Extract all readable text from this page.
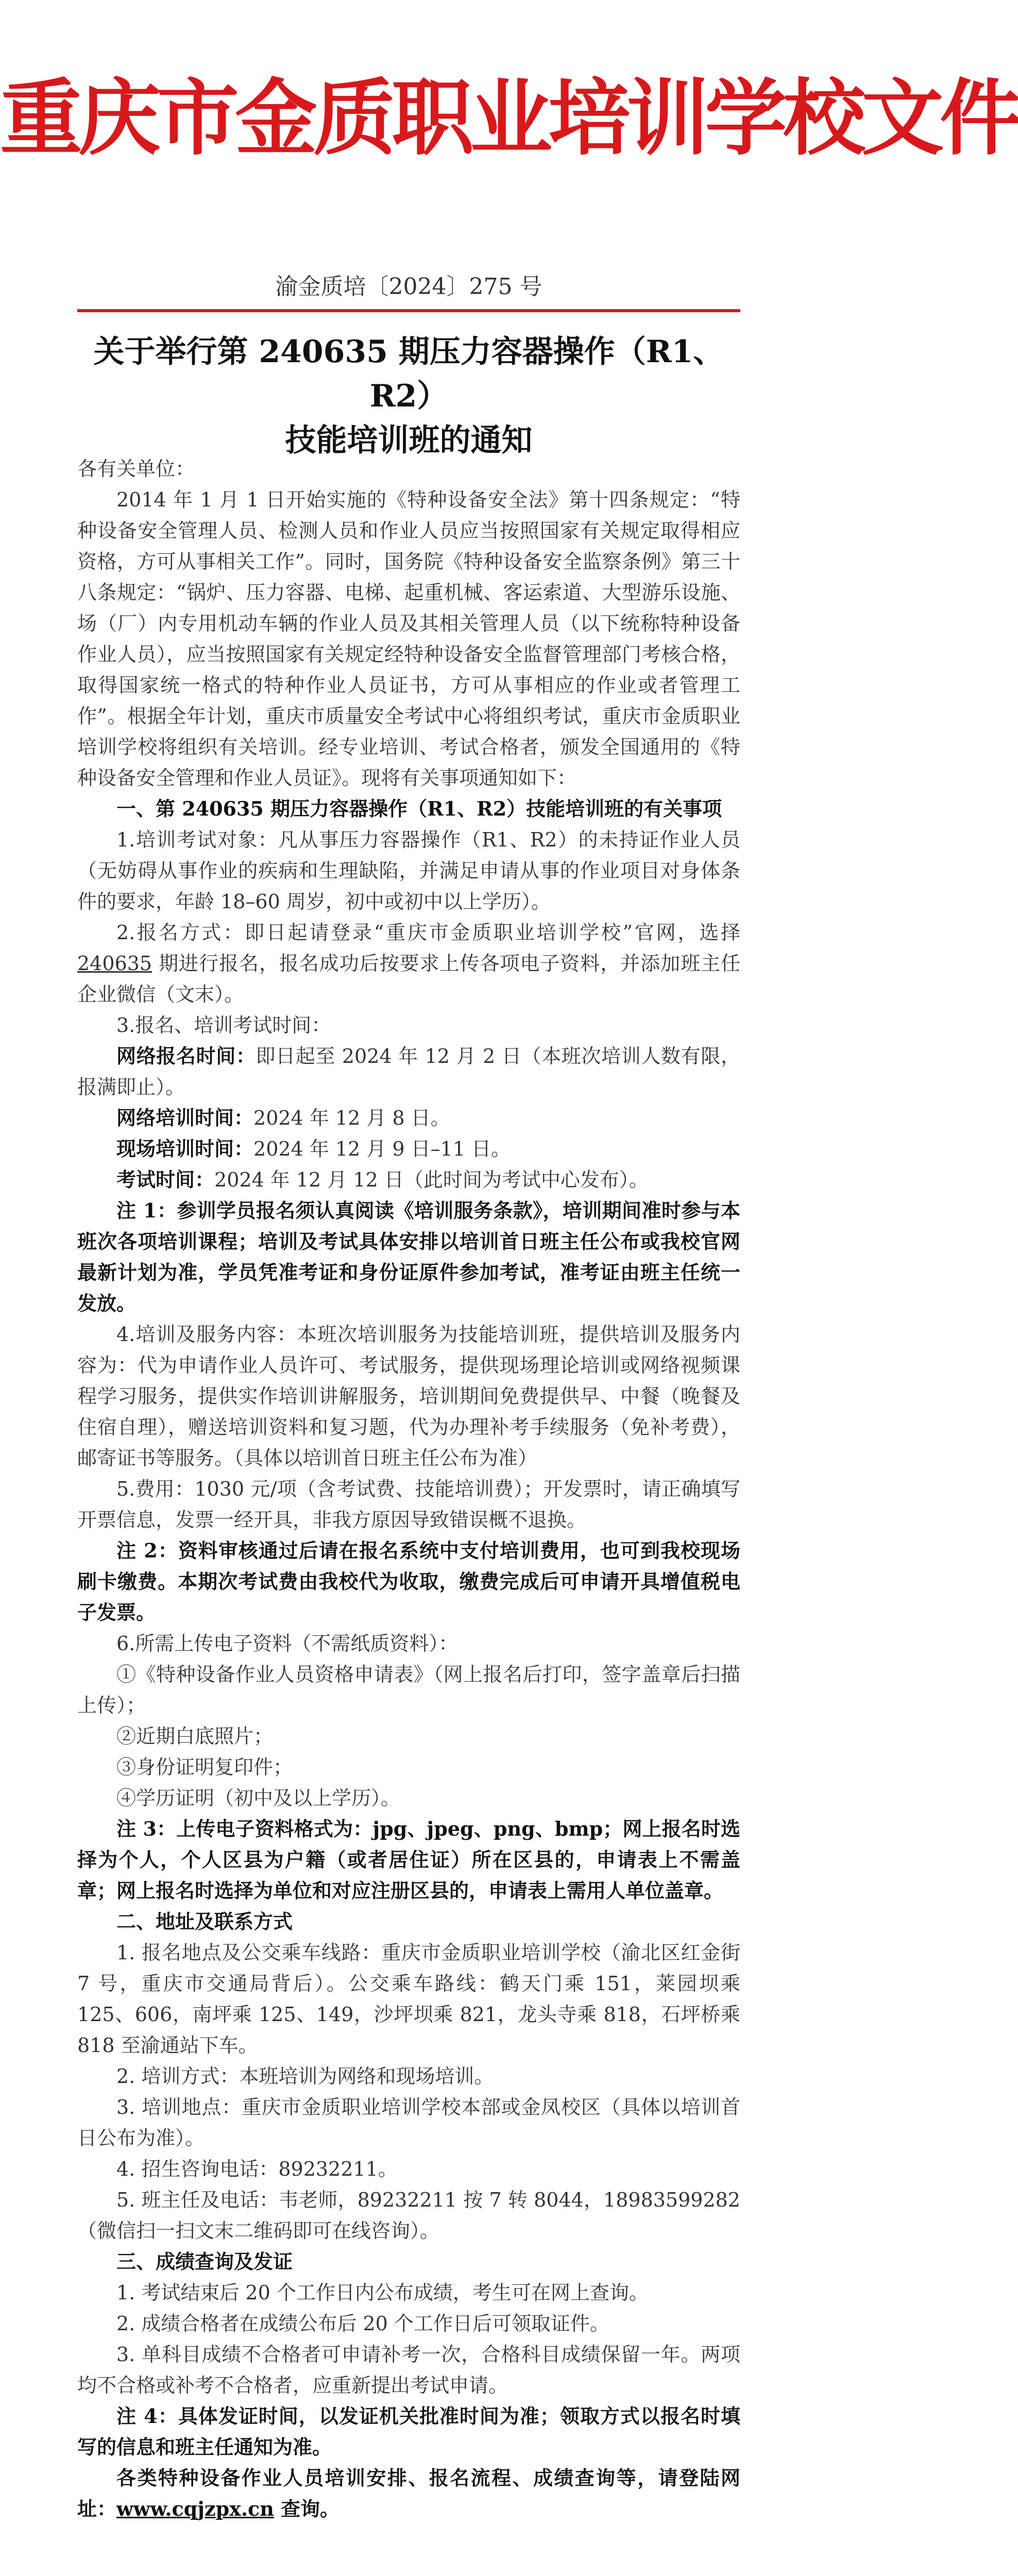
重庆市金质职业培训学校文件
渝金质培〔2024〕275 号
关于举行第 240635 期压力容器操作（R1、R2）
技能培训班的通知

各有关单位：

2014 年 1 月 1 日开始实施的《特种设备安全法》第十四条规定：“特种设备安全管理人员、检测人员和作业人员应当按照国家有关规定取得相应资格，方可从事相关工作”。同时，国务院《特种设备安全监察条例》第三十八条规定：“锅炉、压力容器、电梯、起重机械、客运索道、大型游乐设施、场（厂）内专用机动车辆的作业人员及其相关管理人员（以下统称特种设备作业人员），应当按照国家有关规定经特种设备安全监督管理部门考核合格，取得国家统一格式的特种作业人员证书，方可从事相应的作业或者管理工作”。根据全年计划，重庆市质量安全考试中心将组织考试，重庆市金质职业培训学校将组织有关培训。经专业培训、考试合格者，颁发全国通用的《特种设备安全管理和作业人员证》。现将有关事项通知如下：

一、第 240635 期压力容器操作（R1、R2）技能培训班的有关事项

1.培训考试对象：凡从事压力容器操作（R1、R2）的未持证作业人员（无妨碍从事作业的疾病和生理缺陷，并满足申请从事的作业项目对身体条件的要求，年龄 18–60 周岁，初中或初中以上学历）。

2.报名方式：即日起请登录“重庆市金质职业培训学校”官网，选择 240635 期进行报名，报名成功后按要求上传各项电子资料，并添加班主任企业微信（文末）。

3.报名、培训考试时间：

网络报名时间：即日起至 2024 年 12 月 2 日（本班次培训人数有限，报满即止）。

网络培训时间：2024 年 12 月 8 日。

现场培训时间：2024 年 12 月 9 日–11 日。

考试时间：2024 年 12 月 12 日（此时间为考试中心发布）。

注 1：参训学员报名须认真阅读《培训服务条款》，培训期间准时参与本班次各项培训课程；培训及考试具体安排以培训首日班主任公布或我校官网最新计划为准，学员凭准考证和身份证原件参加考试，准考证由班主任统一发放。

4.培训及服务内容：本班次培训服务为技能培训班，提供培训及服务内容为：代为申请作业人员许可、考试服务，提供现场理论培训或网络视频课程学习服务，提供实作培训讲解服务，培训期间免费提供早、中餐（晚餐及住宿自理），赠送培训资料和复习题，代为办理补考手续服务（免补考费），邮寄证书等服务。（具体以培训首日班主任公布为准）

5.费用：1030 元/项（含考试费、技能培训费）；开发票时，请正确填写开票信息，发票一经开具，非我方原因导致错误概不退换。

注 2：资料审核通过后请在报名系统中支付培训费用，也可到我校现场刷卡缴费。本期次考试费由我校代为收取，缴费完成后可申请开具增值税电子发票。

6.所需上传电子资料（不需纸质资料）：

①《特种设备作业人员资格申请表》（网上报名后打印，签字盖章后扫描上传）；

②近期白底照片；

③身份证明复印件；

④学历证明（初中及以上学历）。

注 3：上传电子资料格式为：jpg、jpeg、png、bmp；网上报名时选择为个人，个人区县为户籍（或者居住证）所在区县的，申请表上不需盖章；网上报名时选择为单位和对应注册区县的，申请表上需用人单位盖章。

二、地址及联系方式

1. 报名地点及公交乘车线路：重庆市金质职业培训学校（渝北区红金街 7 号，重庆市交通局背后）。公交乘车路线：鹤天门乘 151，莱园坝乘 125、606，南坪乘 125、149，沙坪坝乘 821，龙头寺乘 818，石坪桥乘 818 至渝通站下车。

2. 培训方式：本班培训为网络和现场培训。

3. 培训地点：重庆市金质职业培训学校本部或金凤校区（具体以培训首日公布为准）。

4. 招生咨询电话：89232211。

5. 班主任及电话：韦老师，89232211 按 7 转 8044，18983599282（微信扫一扫文末二维码即可在线咨询）。

三、成绩查询及发证

1. 考试结束后 20 个工作日内公布成绩，考生可在网上查询。

2. 成绩合格者在成绩公布后 20 个工作日后可领取证件。

3. 单科目成绩不合格者可申请补考一次，合格科目成绩保留一年。两项均不合格或补考不合格者，应重新提出考试申请。

注 4：具体发证时间，以发证机关批准时间为准；领取方式以报名时填写的信息和班主任通知为准。

各类特种设备作业人员培训安排、报名流程、成绩查询等，请登陆网址：www.cqjzpx.cn 查询。
